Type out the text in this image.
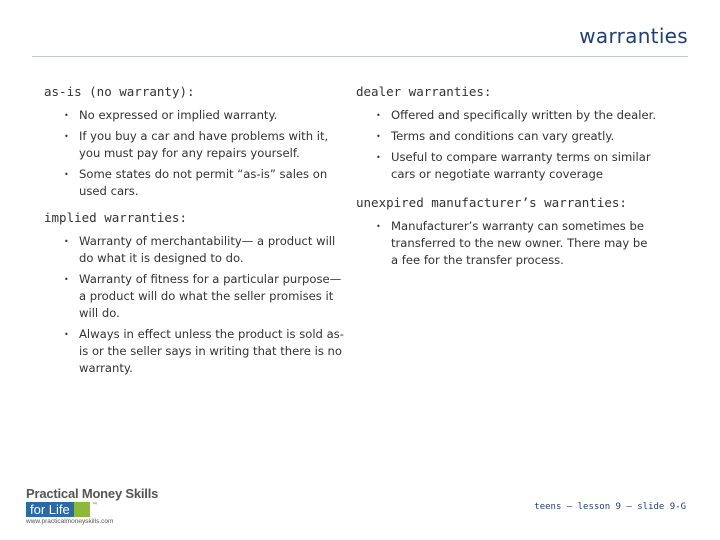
warranties
as-is (no warranty):
• No expressed or implied warranty.
• If you buy a car and have problems with it, you must pay for any repairs yourself.
• Some states do not permit “as-is” sales on used cars.
implied warranties:
• Warranty of merchantability— a product will do what it is designed to do.
• Warranty of fitness for a particular purpose—a product will do what the seller promises it will do.
• Always in effect unless the product is sold as-is or the seller says in writing that there is no warranty.
dealer warranties:
• Offered and specifically written by the dealer.
• Terms and conditions can vary greatly.
• Useful to compare warranty terms on similar cars or negotiate warranty coverage
unexpired manufacturer’s warranties:
• Manufacturer’s warranty can sometimes be transferred to the new owner. There may be a fee for the transfer process.
Practical Money Skills
for Life	™
www.practicalmoneyskills.com
teens – lesson 9 – slide 9-G
